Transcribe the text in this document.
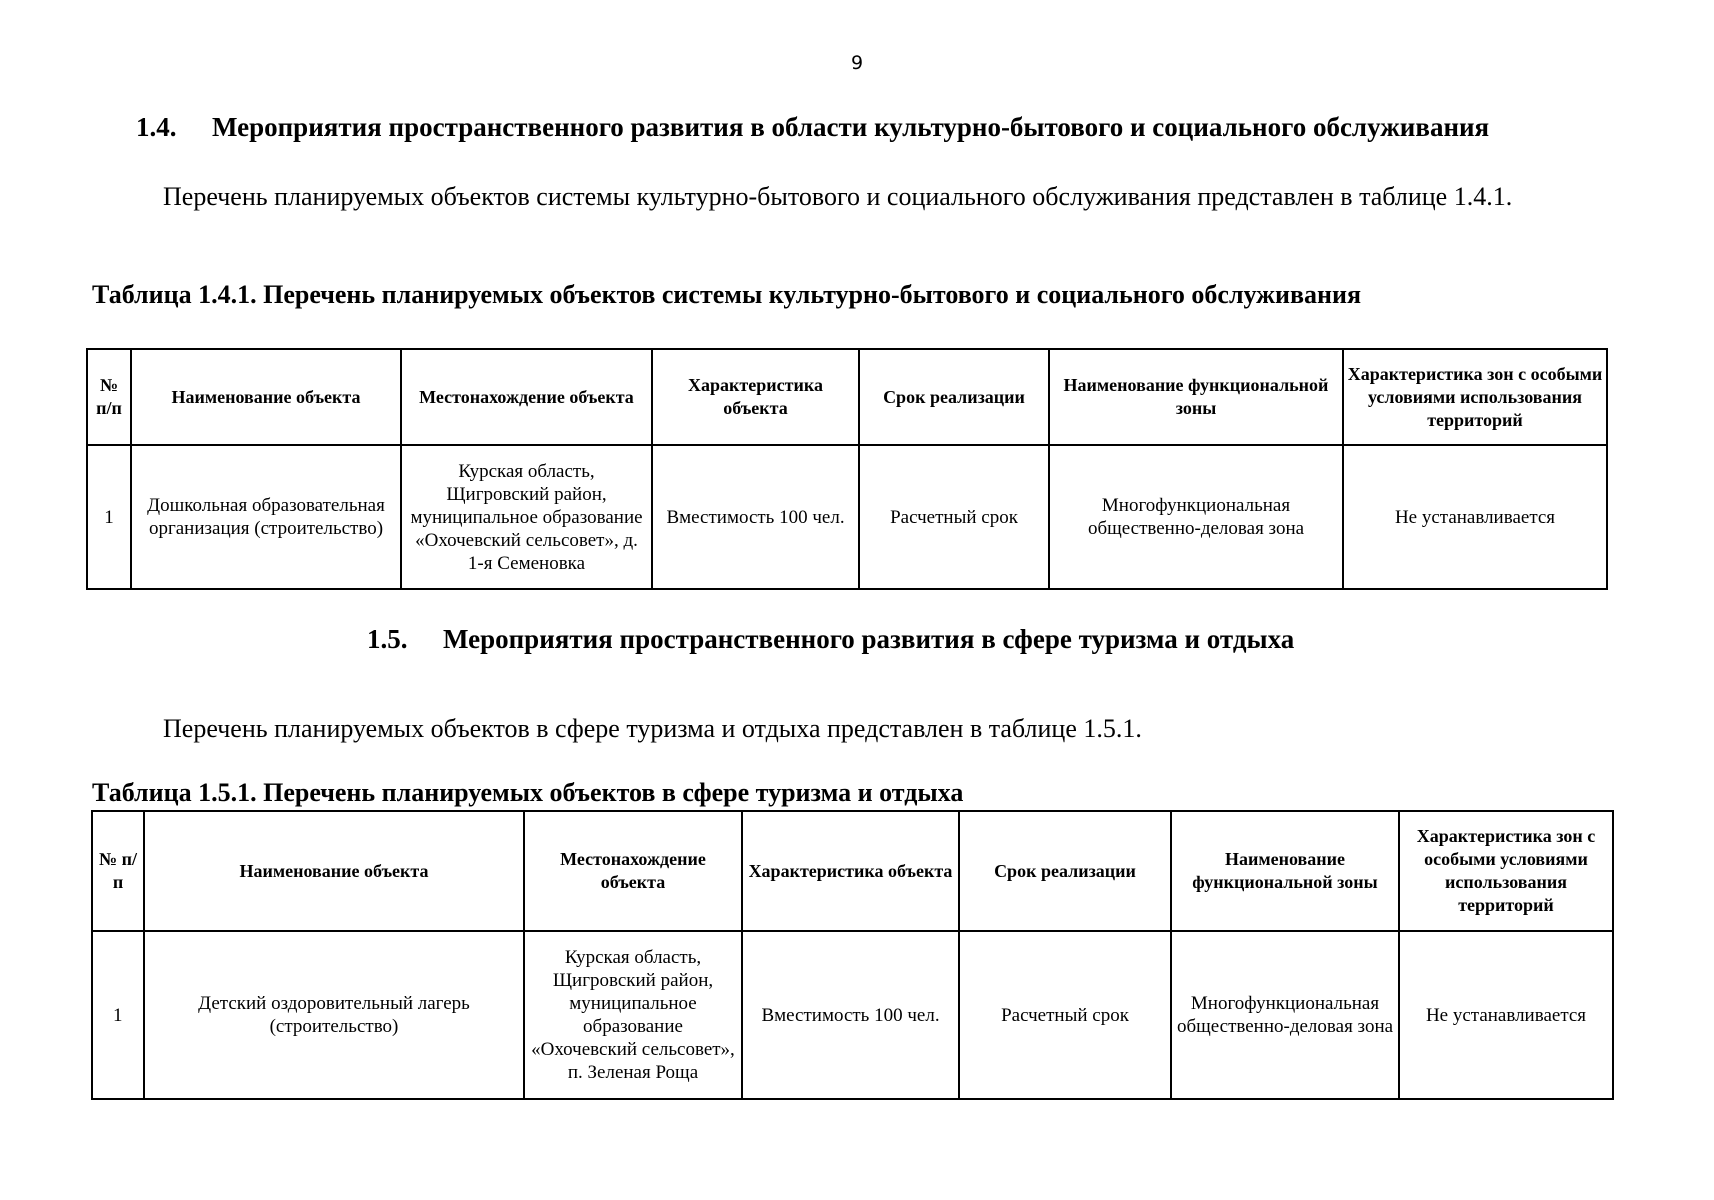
9
1.4. Мероприятия пространственного развития в области культурно-бытового и социального обслуживания
Перечень планируемых объектов системы культурно-бытового и социального обслуживания представлен в таблице 1.4.1.
Таблица 1.4.1. Перечень планируемых объектов системы культурно-бытового и социального обслуживания
№ п/п	Наименование объекта	Местонахождение объекта	Характеристика объекта	Срок реализации	Наименование функциональной зоны	Характеристика зон с особыми условиями использования территорий
1	Дошкольная образовательная организация (строительство)	Курская область, Щигровский район, муниципальное образование «Охочевский сельсовет», д. 1-я Семеновка	Вместимость 100 чел.	Расчетный срок	Многофункциональная общественно-деловая зона	Не устанавливается
1.5. Мероприятия пространственного развития в сфере туризма и отдыха
Перечень планируемых объектов в сфере туризма и отдыха представлен в таблице 1.5.1.
Таблица 1.5.1. Перечень планируемых объектов в сфере туризма и отдыха
№ п/п	Наименование объекта	Местонахождение объекта	Характеристика объекта	Срок реализации	Наименование функциональной зоны	Характеристика зон с особыми условиями использования территорий
1	Детский оздоровительный лагерь (строительство)	Курская область, Щигровский район, муниципальное образование «Охочевский сельсовет», п. Зеленая Роща	Вместимость 100 чел.	Расчетный срок	Многофункциональная общественно-деловая зона	Не устанавливается
